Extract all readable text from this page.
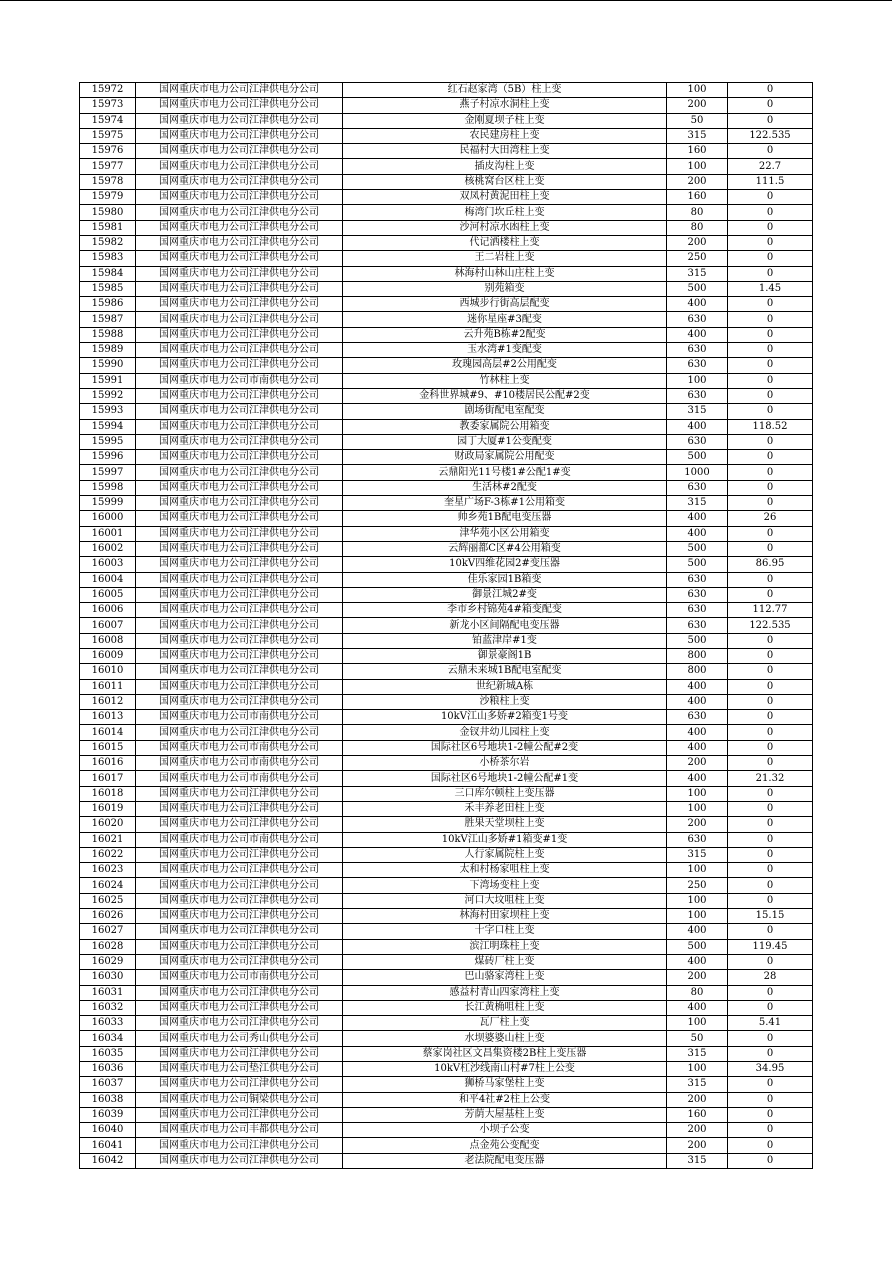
15972	国网重庆市电力公司江津供电分公司	红石赵家湾（5B）柱上变	100	0
15973	国网重庆市电力公司江津供电分公司	燕子村凉水洞柱上变	200	0
15974	国网重庆市电力公司江津供电分公司	金刚夏坝子柱上变	50	0
15975	国网重庆市电力公司江津供电分公司	农民建房柱上变	315	122.535
15976	国网重庆市电力公司江津供电分公司	民福村大田湾柱上变	160	0
15977	国网重庆市电力公司江津供电分公司	插皮沟柱上变	100	22.7
15978	国网重庆市电力公司江津供电分公司	核桃窝台区柱上变	200	111.5
15979	国网重庆市电力公司江津供电分公司	双凤村黄泥田柱上变	160	0
15980	国网重庆市电力公司江津供电分公司	梅湾门坎丘柱上变	80	0
15981	国网重庆市电力公司江津供电分公司	沙河村凉水凼柱上变	80	0
15982	国网重庆市电力公司江津供电分公司	代记洒楼柱上变	200	0
15983	国网重庆市电力公司江津供电分公司	王二岩柱上变	250	0
15984	国网重庆市电力公司江津供电分公司	林海村山林山庄柱上变	315	0
15985	国网重庆市电力公司江津供电分公司	别苑箱变	500	1.45
15986	国网重庆市电力公司江津供电分公司	西城步行街高层配变	400	0
15987	国网重庆市电力公司江津供电分公司	迷你星座#3配变	630	0
15988	国网重庆市电力公司江津供电分公司	云升苑B栋#2配变	400	0
15989	国网重庆市电力公司江津供电分公司	玉水湾#1变配变	630	0
15990	国网重庆市电力公司江津供电分公司	玫瑰园高层#2公用配变	630	0
15991	国网重庆市电力公司市南供电分公司	竹林柱上变	100	0
15992	国网重庆市电力公司江津供电分公司	金科世界城#9、#10楼居民公配#2变	630	0
15993	国网重庆市电力公司江津供电分公司	剧场街配电室配变	315	0
15994	国网重庆市电力公司江津供电分公司	教委家属院公用箱变	400	118.52
15995	国网重庆市电力公司江津供电分公司	园丁大厦#1公变配变	630	0
15996	国网重庆市电力公司江津供电分公司	财政局家属院公用配变	500	0
15997	国网重庆市电力公司江津供电分公司	云鼎阳光11号楼1#公配1#变	1000	0
15998	国网重庆市电力公司江津供电分公司	生活林#2配变	630	0
15999	国网重庆市电力公司江津供电分公司	奎星广场F-3栋#1公用箱变	315	0
16000	国网重庆市电力公司江津供电分公司	帅乡苑1B配电变压器	400	26
16001	国网重庆市电力公司江津供电分公司	津华苑小区公用箱变	400	0
16002	国网重庆市电力公司江津供电分公司	云辉丽都C区#4公用箱变	500	0
16003	国网重庆市电力公司江津供电分公司	10kV四维花园2#变压器	500	86.95
16004	国网重庆市电力公司江津供电分公司	佳乐家园1B箱变	630	0
16005	国网重庆市电力公司江津供电分公司	御景江城2#变	630	0
16006	国网重庆市电力公司江津供电分公司	李市乡村锦苑4#箱变配变	630	112.77
16007	国网重庆市电力公司江津供电分公司	新龙小区间隔配电变压器	630	122.535
16008	国网重庆市电力公司江津供电分公司	铂蓝津岸#1变	500	0
16009	国网重庆市电力公司江津供电分公司	御景豪阁1B	800	0
16010	国网重庆市电力公司江津供电分公司	云鼎未来城1B配电室配变	800	0
16011	国网重庆市电力公司江津供电分公司	世纪新城A栋	400	0
16012	国网重庆市电力公司江津供电分公司	沙粮柱上变	400	0
16013	国网重庆市电力公司市南供电分公司	10kV江山多娇#2箱变1号变	630	0
16014	国网重庆市电力公司江津供电分公司	金钗井幼儿园柱上变	400	0
16015	国网重庆市电力公司市南供电分公司	国际社区6号地块1-2幢公配#2变	400	0
16016	国网重庆市电力公司市南供电分公司	小桥茶尔岩	200	0
16017	国网重庆市电力公司市南供电分公司	国际社区6号地块1-2幢公配#1变	400	21.32
16018	国网重庆市电力公司江津供电分公司	三口库尔顿柱上变压器	100	0
16019	国网重庆市电力公司江津供电分公司	禾丰养老田柱上变	100	0
16020	国网重庆市电力公司江津供电分公司	胜果天堂坝柱上变	200	0
16021	国网重庆市电力公司市南供电分公司	10kV江山多娇#1箱变#1变	630	0
16022	国网重庆市电力公司江津供电分公司	人行家属院柱上变	315	0
16023	国网重庆市电力公司江津供电分公司	太和村杨家咀柱上变	100	0
16024	国网重庆市电力公司江津供电分公司	下湾场变柱上变	250	0
16025	国网重庆市电力公司江津供电分公司	河口大坟咀柱上变	100	0
16026	国网重庆市电力公司江津供电分公司	林海村田家坝柱上变	100	15.15
16027	国网重庆市电力公司江津供电分公司	十字口柱上变	400	0
16028	国网重庆市电力公司江津供电分公司	滨江明珠柱上变	500	119.45
16029	国网重庆市电力公司江津供电分公司	煤砖厂柱上变	400	0
16030	国网重庆市电力公司市南供电分公司	巴山骆家湾柱上变	200	28
16031	国网重庆市电力公司江津供电分公司	感益村青山四家湾柱上变	80	0
16032	国网重庆市电力公司江津供电分公司	长江黄桷咀柱上变	400	0
16033	国网重庆市电力公司江津供电分公司	瓦厂柱上变	100	5.41
16034	国网重庆市电力公司秀山供电分公司	水坝婆婆山柱上变	50	0
16035	国网重庆市电力公司江津供电分公司	蔡家岗社区文昌集资楼2B柱上变压器	315	0
16036	国网重庆市电力公司垫江供电分公司	10kV杠沙线南山村#7柱上公变	100	34.95
16037	国网重庆市电力公司江津供电分公司	狮桥马家堡柱上变	315	0
16038	国网重庆市电力公司铜梁供电分公司	和平4社#2柱上公变	200	0
16039	国网重庆市电力公司江津供电分公司	芳荫大屋基柱上变	160	0
16040	国网重庆市电力公司丰都供电分公司	小坝子公变	200	0
16041	国网重庆市电力公司江津供电分公司	点金苑公变配变	200	0
16042	国网重庆市电力公司江津供电分公司	老法院配电变压器	315	0
